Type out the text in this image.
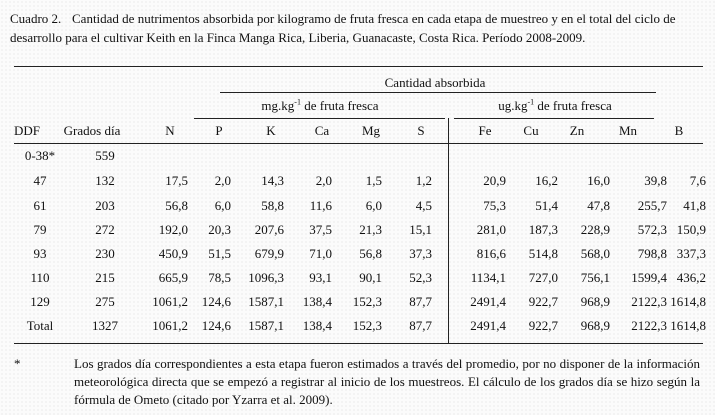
Cuadro 2. Cantidad de nutrimentos absorbida por kilogramo de fruta fresca en cada etapa de muestreo y en el total del ciclo de
desarrollo para el cultivar Keith en la Finca Manga Rica, Liberia, Guanacaste, Costa Rica. Período 2008-2009.
Cantidad absorbida
$mg.kg^{-1}$ de fruta fresca	$ug.kg^{-1}$ de fruta fresca
DDF	Grados día	N	P	K	Ca	Mg	S	Fe	Cu	Zn	Mn	B
0-38*	559
47	132	17,5	2,0	14,3	2,0	1,5	1,2	20,9	16,2	16,0	39,8	7,6
61	203	56,8	6,0	58,8	11,6	6,0	4,5	75,3	51,4	47,8	255,7	41,8
79	272	192,0	20,3	207,6	37,5	21,3	15,1	281,0	187,3	228,9	572,3 150,9
93	230	450,9	51,5	679,9	71,0	56,8	37,3	816,6	514,8	568,0	798,8 337,3
110	215	665,9	78,5	1096,3	93,1	90,1	52,3	1134,1	727,0	756,1	1599,4 436,2
129	275	1061,2	124,6	1587,1	138,4	152,3	87,7	2491,4	922,7	968,9	2122,3 1614,8
Total	1327	1061,2	124,6	1587,1	138,4	152,3	87,7	2491,4	922,7	968,9	2122,3 1614,8
*	Los grados día correspondientes a esta etapa fueron estimados a través del promedio, por no disponer de la información meteorológica directa que se empezó a registrar al inicio de los muestreos. El cálculo de los grados día se hizo según la fórmula de Ometo (citado por Yzarra et al. 2009).
